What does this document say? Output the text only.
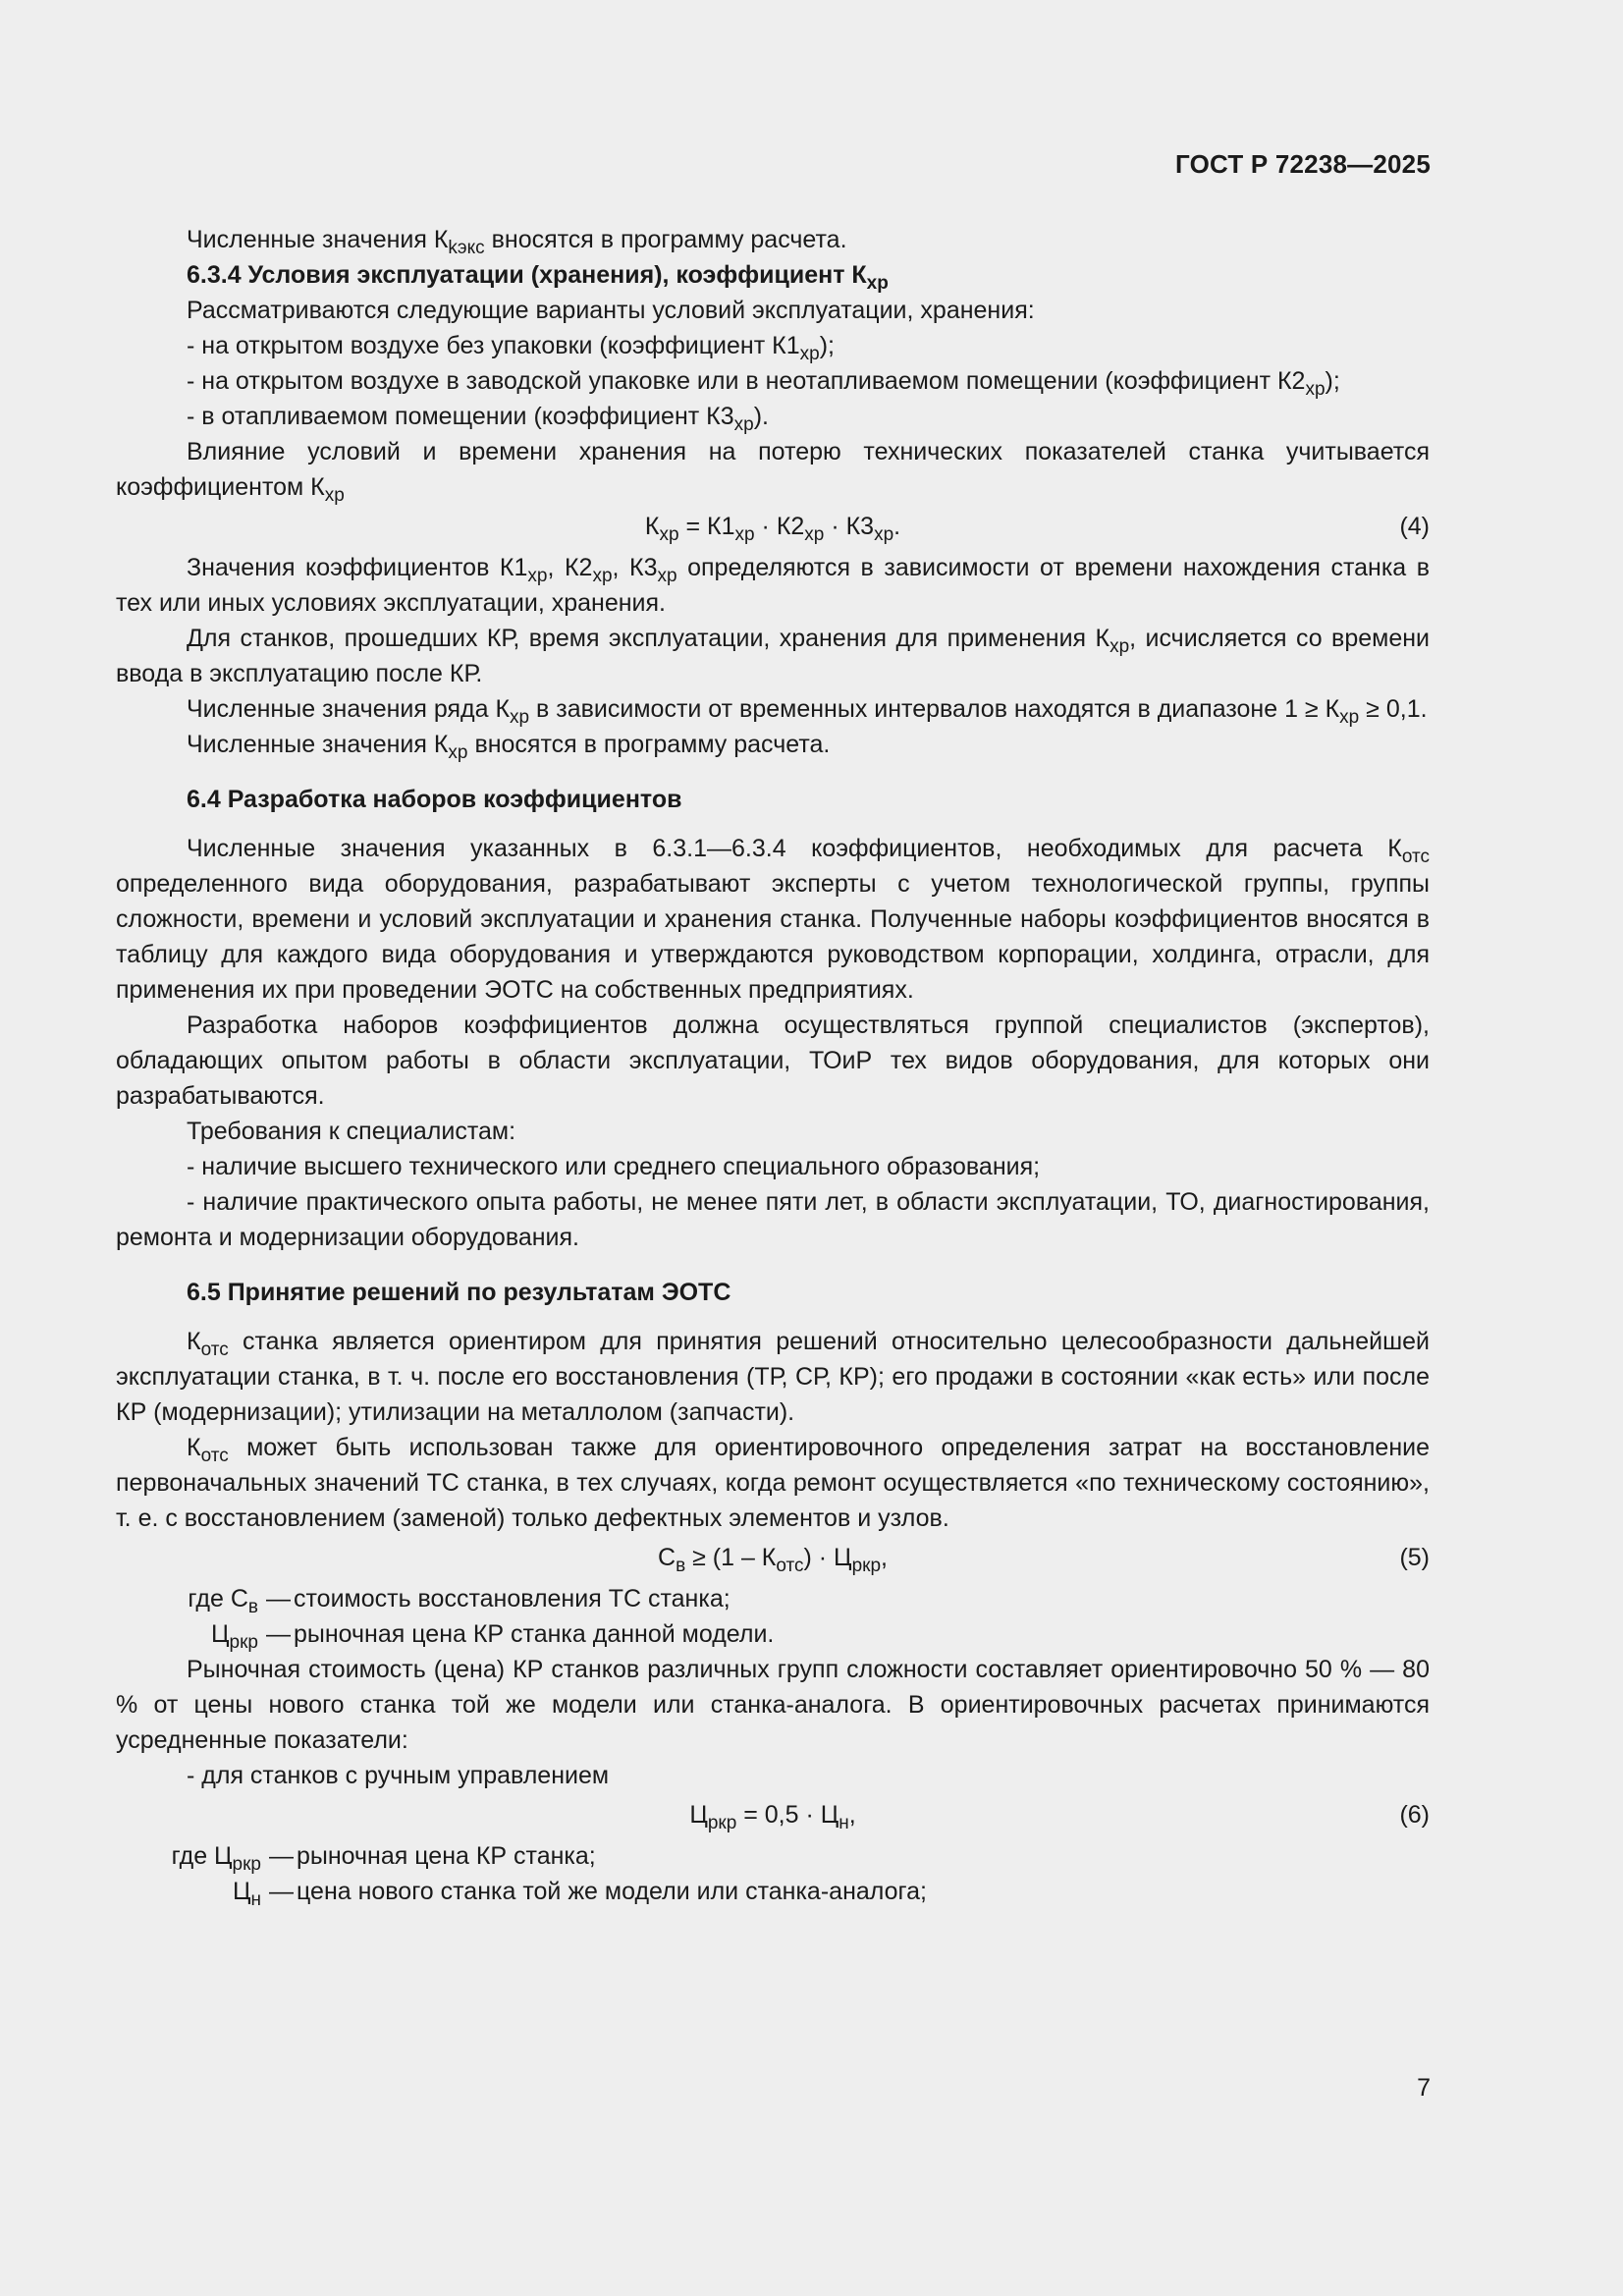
ГОСТ Р 72238—2025

Численные значения $К_{kэкс}$ вносятся в программу расчета.

6.3.4 Условия эксплуатации (хранения), коэффициент $К_{хр}$

Рассматриваются следующие варианты условий эксплуатации, хранения:

- на открытом воздухе без упаковки (коэффициент $К1_{хр}$);

- на открытом воздухе в заводской упаковке или в неотапливаемом помещении (коэффициент $К2_{хр}$);

- в отапливаемом помещении (коэффициент $К3_{хр}$).

Влияние условий и времени хранения на потерю технических показателей станка учитывается коэффициентом $К_{хр}$

$К_{хр} = К1_{хр} \cdot К2_{хр} \cdot К3_{хр}$.	(4)

Значения коэффициентов $К1_{хр}$, $К2_{хр}$, $К3_{хр}$ определяются в зависимости от времени нахождения станка в тех или иных условиях эксплуатации, хранения.

Для станков, прошедших КР, время эксплуатации, хранения для применения $К_{хр}$, исчисляется со времени ввода в эксплуатацию после КР.

Численные значения ряда $К_{хр}$ в зависимости от временных интервалов находятся в диапазоне $1 \ge К_{хр} \ge 0,1$.

Численные значения $К_{хр}$ вносятся в программу расчета.

6.4 Разработка наборов коэффициентов

Численные значения указанных в 6.3.1—6.3.4 коэффициентов, необходимых для расчета $К_{отс}$ определенного вида оборудования, разрабатывают эксперты с учетом технологической группы, группы сложности, времени и условий эксплуатации и хранения станка. Полученные наборы коэффициентов вносятся в таблицу для каждого вида оборудования и утверждаются руководством корпорации, холдинга, отрасли, для применения их при проведении ЭОТС на собственных предприятиях.

Разработка наборов коэффициентов должна осуществляться группой специалистов (экспертов), обладающих опытом работы в области эксплуатации, ТОиР тех видов оборудования, для которых они разрабатываются.

Требования к специалистам:

- наличие высшего технического или среднего специального образования;

- наличие практического опыта работы, не менее пяти лет, в области эксплуатации, ТО, диагностирования, ремонта и модернизации оборудования.

6.5 Принятие решений по результатам ЭОТС

$К_{отс}$ станка является ориентиром для принятия решений относительно целесообразности дальнейшей эксплуатации станка, в т. ч. после его восстановления (ТР, СР, КР); его продажи в состоянии «как есть» или после КР (модернизации); утилизации на металлолом (запчасти).

$К_{отс}$ может быть использован также для ориентировочного определения затрат на восстановление первоначальных значений ТС станка, в тех случаях, когда ремонт осуществляется «по техническому состоянию», т. е. с восстановлением (заменой) только дефектных элементов и узлов.

$С_в \ge (1 - К_{отс}) \cdot Ц_{ркр}$,	(5)
где $С_в$ — стоимость восстановления ТС станка;
$Ц_{ркр}$ — рыночная цена КР станка данной модели.

Рыночная стоимость (цена) КР станков различных групп сложности составляет ориентировочно 50 % — 80 % от цены нового станка той же модели или станка-аналога. В ориентировочных расчетах принимаются усредненные показатели:

- для станков с ручным управлением

$Ц_{ркр} = 0,5 \cdot Ц_н$,	(6)
где $Ц_{ркр}$ — рыночная цена КР станка;
$Ц_н$ — цена нового станка той же модели или станка-аналога;
7
